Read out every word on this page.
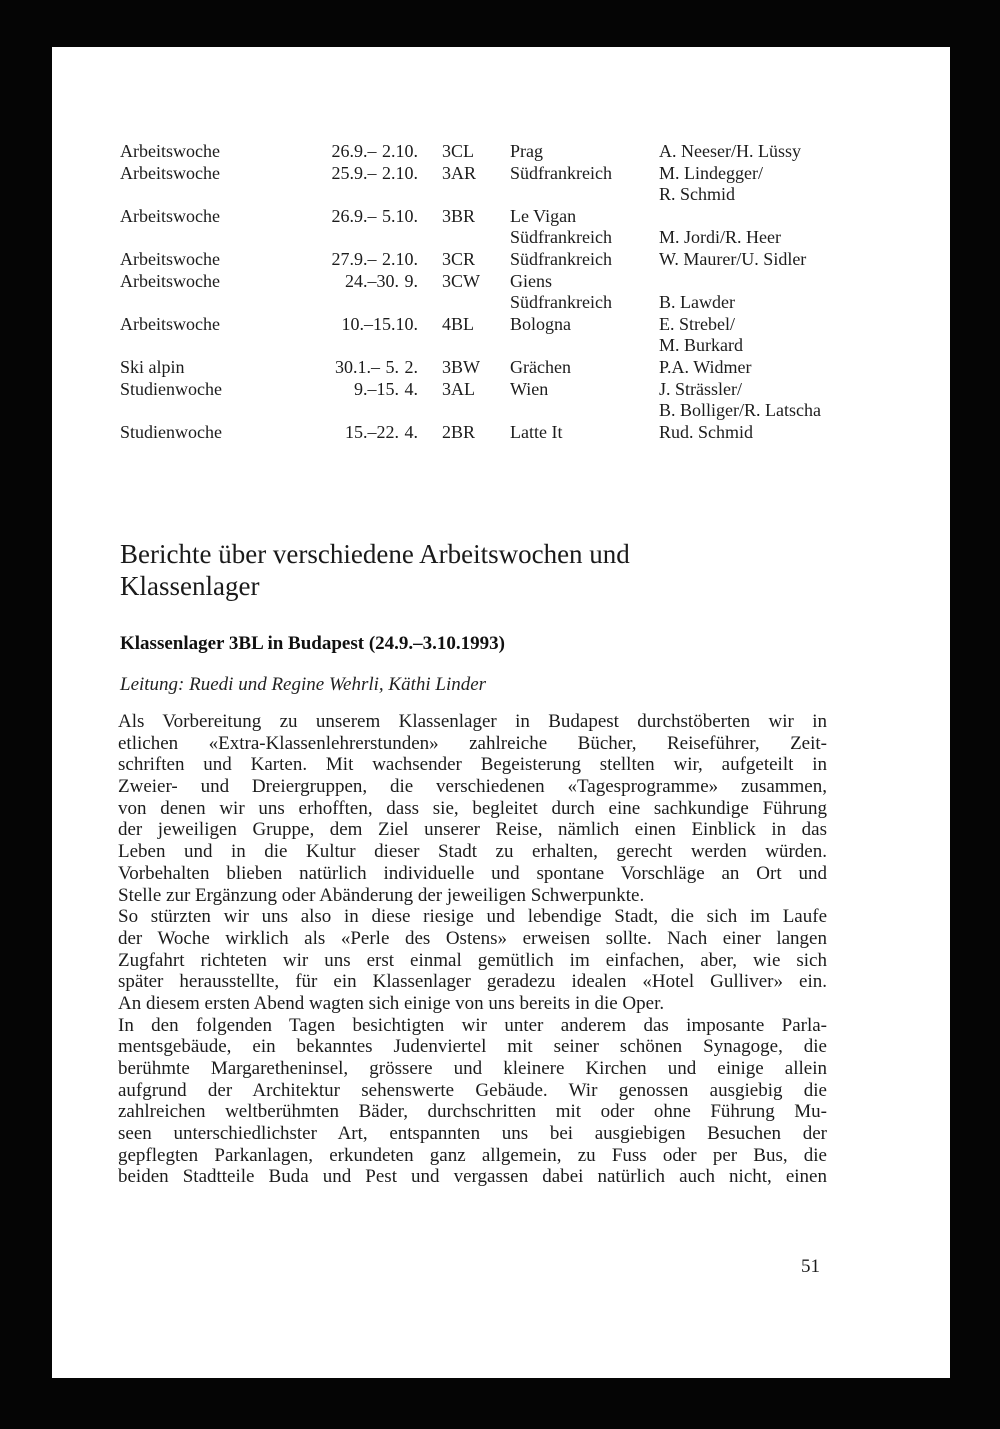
Arbeitswoche	26.9.– 2.10. 3CL Prag	A. Neeser/H. Lüssy
Arbeitswoche	25.9.– 2.10. 3AR Südfrankreich	M. Lindegger/
R. Schmid
Arbeitswoche	26.9.– 5.10. 3BR Le Vigan
Südfrankreich	M. Jordi/R. Heer
Arbeitswoche	27.9.– 2.10. 3CR Südfrankreich	W. Maurer/U. Sidler
Arbeitswoche	24.–30. 9. 3CW Giens
Südfrankreich	B. Lawder
Arbeitswoche	10.–15.10. 4BL Bologna	E. Strebel/
M. Burkard
Ski alpin	30.1.– 5. 2. 3BW Grächen	P.A. Widmer
Studienwoche	9.–15. 4. 3AL Wien	J. Strässler/
B. Bolliger/R. Latscha
Studienwoche	15.–22. 4. 2BR Latte It	Rud. Schmid
Berichte über verschiedene Arbeitswochen und
Klassenlager
Klassenlager 3BL in Budapest (24.9.–3.10.1993)

Leitung: Ruedi und Regine Wehrli, Käthi Linder

Als Vorbereitung zu unserem Klassenlager in Budapest durchstöberten wir in
etlichen «Extra-Klassenlehrerstunden» zahlreiche Bücher, Reiseführer, Zeit-
schriften und Karten. Mit wachsender Begeisterung stellten wir, aufgeteilt in
Zweier- und Dreiergruppen, die verschiedenen «Tagesprogramme» zusammen,
von denen wir uns erhofften, dass sie, begleitet durch eine sachkundige Führung
der jeweiligen Gruppe, dem Ziel unserer Reise, nämlich einen Einblick in das
Leben und in die Kultur dieser Stadt zu erhalten, gerecht werden würden.
Vorbehalten blieben natürlich individuelle und spontane Vorschläge an Ort und
Stelle zur Ergänzung oder Abänderung der jeweiligen Schwerpunkte.

So stürzten wir uns also in diese riesige und lebendige Stadt, die sich im Laufe
der Woche wirklich als «Perle des Ostens» erweisen sollte. Nach einer langen
Zugfahrt richteten wir uns erst einmal gemütlich im einfachen, aber, wie sich
später herausstellte, für ein Klassenlager geradezu idealen «Hotel Gulliver» ein.
An diesem ersten Abend wagten sich einige von uns bereits in die Oper.

In den folgenden Tagen besichtigten wir unter anderem das imposante Parla-
mentsgebäude, ein bekanntes Judenviertel mit seiner schönen Synagoge, die
berühmte Margaretheninsel, grössere und kleinere Kirchen und einige allein
aufgrund der Architektur sehenswerte Gebäude. Wir genossen ausgiebig die
zahlreichen weltberühmten Bäder, durchschritten mit oder ohne Führung Mu-
seen unterschiedlichster Art, entspannten uns bei ausgiebigen Besuchen der
gepflegten Parkanlagen, erkundeten ganz allgemein, zu Fuss oder per Bus, die
beiden Stadtteile Buda und Pest und vergassen dabei natürlich auch nicht, einen

51
